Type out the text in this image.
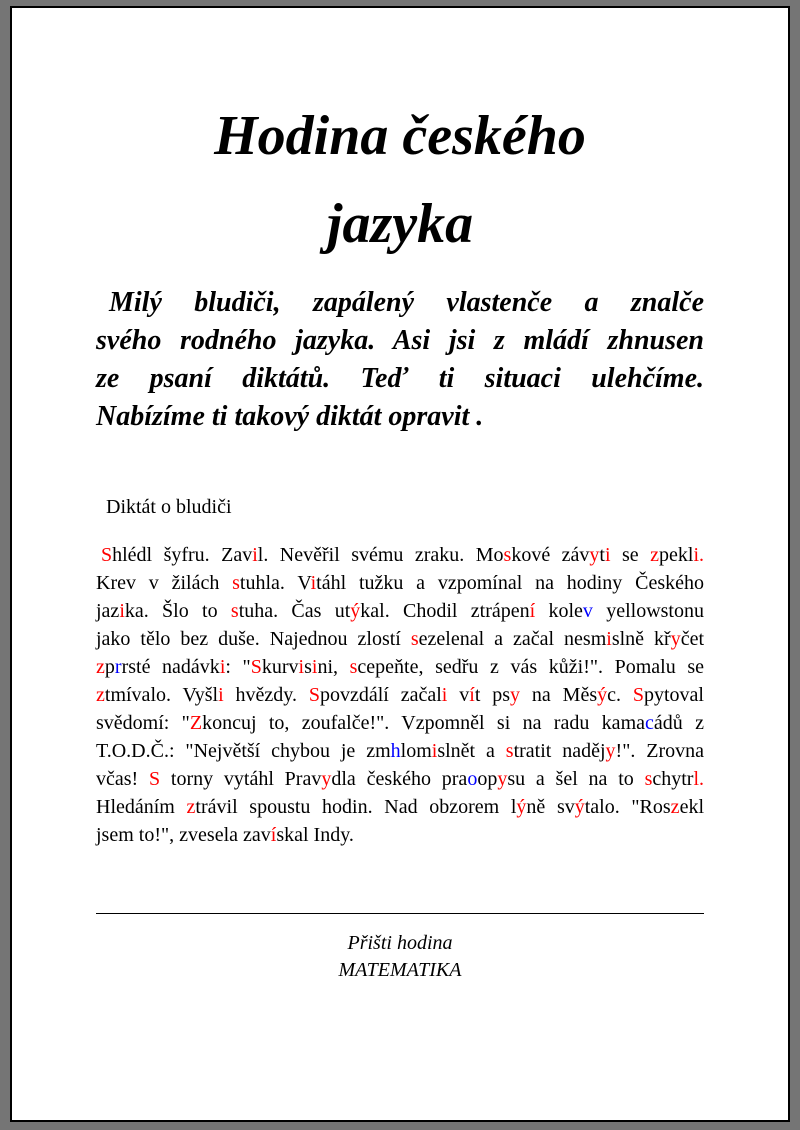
Hodina českého
jazyka
Milý bludiči, zapálený vlastenče a znalče
svého rodného jazyka. Asi jsi z mládí zhnusen
ze psaní diktátů. Teď ti situaci ulehčíme.
Nabízíme ti takový diktát opravit .
Diktát o bludiči
Shlédl šyfru. Zavil. Nevěřil svému zraku. Moskové závyti se zpekli.
Krev v žilách stuhla. Vitáhl tužku a vzpomínal na hodiny Českého
jazika. Šlo to stuha. Čas utýkal. Chodil ztrápení kolev yellowstonu
jako tělo bez duše. Najednou zlostí sezelenal a začal nesmislně křyčet
zprrsté nadávki: "Skurvisini, scepeňte, sedřu z vás kůži!". Pomalu se
ztmívalo. Vyšli hvězdy. Spovzdálí začali vít psy na Měsýc. Spytoval
svědomí: "Zkoncuj to, zoufalče!". Vzpomněl si na radu kamacádů z
T.O.D.Č.: "Největší chybou je zmhlomislnět a stratit nadějy!". Zrovna
včas! S torny vytáhl Pravydla českého praoopysu a šel na to schytrl.
Hledáním ztrávil spoustu hodin. Nad obzorem lýně svýtalo. "Roszekl
jsem to!", zvesela zavískal Indy.
Přišti hodina
MATEMATIKA
